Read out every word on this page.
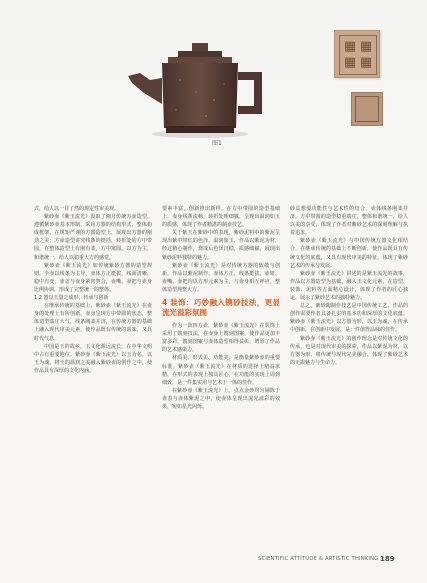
▦ ▦
▦ ▦
图1

式，给人以一目了然的规定性审美观。

紫砂壶《紫玉流光》汲取了湘月传统方壶造型，遵循紫砂壶基本形制，采用方器的结构形式，整体构成框架，在规矩严谨的方器造型上，展现出方器的刚劲之美；方壶造型讲究线条的挺括，转折处的方中带圆，在整体造型上有刚有柔，方中寓圆，以方为主，和谐统一，给人以稳重大方的感觉。

紫砂壶《紫玉流光》如传统紫砂方器的造型规则，全壶以线条为主导，壶体方正挺拔，线面清晰，稳中有变，壶盖与壶身紧密契合，壶嘴、壶把与壶身比例协调，形成了完整统一的整体。

1.2 器以玉量之成形，传承与创新

在继承传统的基础上，紫砂壶《紫玉流光》在壶身的处理上有所创新，壶身呈现方中带圆的状态，整体造型端庄大气，线条刚柔并济，在传统方器的基础上融入现代审美元素，使作品既有传统的韵味，又具时代气息。

中国是玉的故乡，玉文化源远流长，在中华文明中占有重要地位。紫砂壶《紫玉流光》以玉为名，以玉为魂，将玉的温润之美融入紫砂壶的创作之中，使作品具有深厚的文化内涵。

要素丰富，创新推出新样。在方中带圆的造型基础上，壶身线条流畅，转折处理细腻，呈现出温润如玉的质感，体现了作者精湛的制壶技艺。

关于紫玉在紫砂中的表现，紫砂泥料中的紫泥呈现出紫中带红的色泽，温润如玉，作品以紫泥为材，经过精心制作，烧成后色泽沉稳，质感细腻，展现出紫砂泥料独特的魅力。

紫砂壶《紫玉流光》是对传统方器的致敬与创新，作品以紫泥制作，壶体方正，线条挺拔，壶钮、壶嘴、壶把均以方形元素为主，与壶身相互呼应，整体造型规整大方。

4 装饰：巧妙融入镌砂技法，更显流光溢彩氛围

作为一款四方壶，紫砂壶《紫玉流光》在装饰上采用了镌刻技法，在壶身上镌刻图案，使作品更加丰富多彩。镌刻图案与壶体造型相得益彰，增添了作品的艺术感染力。

材质美、形式美、功能美，是衡量紫砂壶的重要标准。紫砂壶《紫玉流光》在材质的选择上精益求精，在形式的表现上独具匠心，在功能的实现上周到细致，是一件集实用与艺术于一体的佳作。

在紫砂壶《紫玉流光》上，点点金砂均匀铺陈于壶表与壶体紫泥之中，使壶体呈现出流光溢彩的效果，宛如星光闪烁。

砂具想要功能性与艺术性的结合，壶体线条刚柔并济，方中带圆的造型稳重端庄，整体和谐统一，给人以美的享受，体现了作者对紫砂艺术的深刻理解与执着追求。

紫砂壶《紫玉流光》与中国传统方器文化相结合，在继承传统的基础上不断创新，使作品既具有传统文化的底蕴，又具有现代审美的特征，体现了紫砂艺术的传承与发展。

紫砂壶《紫玉流光》讲述的是紫玉流光的故事，作品以方器造型为基础，融入玉文化元素，在造型、装饰、泥料等方面精心设计，体现了作者的匠心独运，展示了紫砂艺术的独特魅力。

总之，紫砂陶制作技艺是中国传统工艺，作品的创作需要作者具备扎实的基本功和深厚的文化底蕴。紫砂壶《紫玉流光》以方器为形，以玉为魂，在传承中创新，在创新中发展，是一件值得品味的佳作。

紫砂壶《紫玉流光》的创作理念是对传统文化的传承，也是对现代审美的探索，作品以紫泥为材，以方器为形，将传统与现代完美融合，体现了紫砂艺术的无限魅力与生命力。

SCIENTIFIC ATTITUDE & ARTISTIC THINKING 189
